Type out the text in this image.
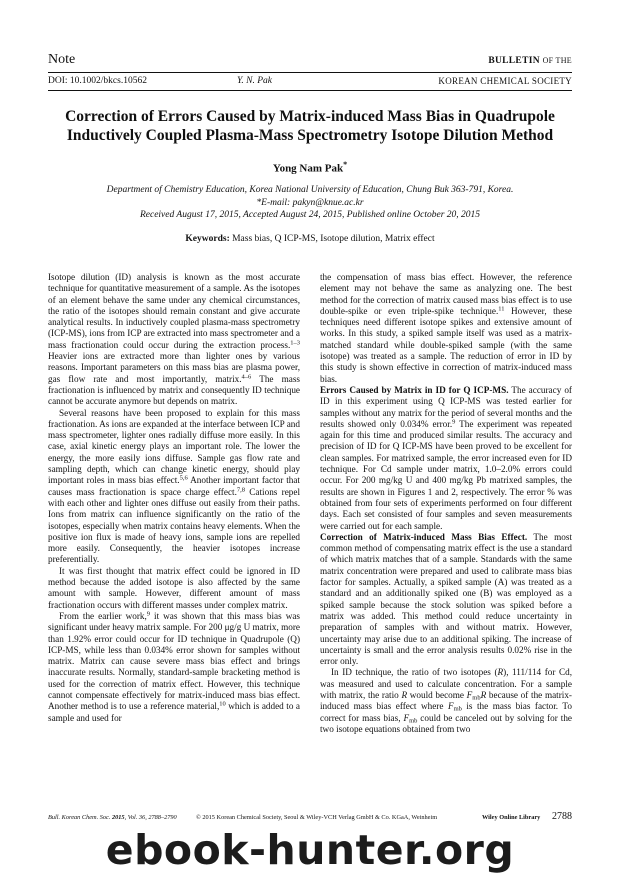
Note	BULLETIN OF THE
DOI: 10.1002/bkcs.10562	Y. N. Pak	KOREAN CHEMICAL SOCIETY
Correction of Errors Caused by Matrix-induced Mass Bias in Quadrupole
Inductively Coupled Plasma-Mass Spectrometry Isotope Dilution Method
Yong Nam Pak*
Department of Chemistry Education, Korea National University of Education, Chung Buk 363-791, Korea.
*E-mail: pakyn@knue.ac.kr
Received August 17, 2015, Accepted August 24, 2015, Published online October 20, 2015
Keywords: Mass bias, Q ICP-MS, Isotope dilution, Matrix effect

Isotope dilution (ID) analysis is known as the most accurate technique for quantitative measurement of a sample. As the isotopes of an element behave the same under any chemical circumstances, the ratio of the isotopes should remain constant and give accurate analytical results. In inductively coupled plasma-mass spectrometry (ICP-MS), ions from ICP are extracted into mass spectrometer and a mass fractionation could occur during the extraction process.$^{1-3}$ Heavier ions are extracted more than lighter ones by various reasons. Important parameters on this mass bias are plasma power, gas flow rate and most importantly, matrix.$^{4-6}$ The mass fractionation is influenced by matrix and consequently ID technique cannot be accurate anymore but depends on matrix.

Several reasons have been proposed to explain for this mass fractionation. As ions are expanded at the interface between ICP and mass spectrometer, lighter ones radially diffuse more easily. In this case, axial kinetic energy plays an important role. The lower the energy, the more easily ions diffuse. Sample gas flow rate and sampling depth, which can change kinetic energy, should play important roles in mass bias effect.$^{5,6}$ Another important factor that causes mass fractionation is space charge effect.$^{7,8}$ Cations repel with each other and lighter ones diffuse out easily from their paths. Ions from matrix can influence significantly on the ratio of the isotopes, especially when matrix contains heavy elements. When the positive ion flux is made of heavy ions, sample ions are repelled more easily. Consequently, the heavier isotopes increase preferentially.

It was first thought that matrix effect could be ignored in ID method because the added isotope is also affected by the same amount with sample. However, different amount of mass fractionation occurs with different masses under complex matrix.

From the earlier work,$^9$ it was shown that this mass bias was significant under heavy matrix sample. For 200 μg/g U matrix, more than 1.92% error could occur for ID technique in Quadrupole (Q) ICP-MS, while less than 0.034% error shown for samples without matrix. Matrix can cause severe mass bias effect and brings inaccurate results. Normally, standard-sample bracketing method is used for the correction of matrix effect. However, this technique cannot compensate effectively for matrix-induced mass bias effect. Another method is to use a reference material,$^{10}$ which is added to a sample and used for

the compensation of mass bias effect. However, the reference element may not behave the same as analyzing one. The best method for the correction of matrix caused mass bias effect is to use double-spike or even triple-spike technique.$^{11}$ However, these techniques need different isotope spikes and extensive amount of works. In this study, a spiked sample itself was used as a matrix-matched standard while double-spiked sample (with the same isotope) was treated as a sample. The reduction of error in ID by this study is shown effective in correction of matrix-induced mass bias.

Errors Caused by Matrix in ID for Q ICP-MS. The accuracy of ID in this experiment using Q ICP-MS was tested earlier for samples without any matrix for the period of several months and the results showed only 0.034% error.$^9$ The experiment was repeated again for this time and produced similar results. The accuracy and precision of ID for Q ICP-MS have been proved to be excellent for clean samples. For matrixed sample, the error increased even for ID technique. For Cd sample under matrix, 1.0–2.0% errors could occur. For 200 mg/kg U and 400 mg/kg Pb matrixed samples, the results are shown in Figures 1 and 2, respectively. The error % was obtained from four sets of experiments performed on four different days. Each set consisted of four samples and seven measurements were carried out for each sample.

Correction of Matrix-induced Mass Bias Effect. The most common method of compensating matrix effect is the use a standard of which matrix matches that of a sample. Standards with the same matrix concentration were prepared and used to calibrate mass bias factor for samples. Actually, a spiked sample (A) was treated as a standard and an additionally spiked one (B) was employed as a spiked sample because the stock solution was spiked before a matrix was added. This method could reduce uncertainty in preparation of samples with and without matrix. However, uncertainty may arise due to an additional spiking. The increase of uncertainty is small and the error analysis results 0.02% rise in the error only.

In ID technique, the ratio of two isotopes (R), 111/114 for Cd, was measured and used to calculate concentration. For a sample with matrix, the ratio R would become $F_{mb}R$ because of the matrix-induced mass bias effect where $F_{mb}$ is the mass bias factor. To correct for mass bias, $F_{mb}$ could be canceled out by solving for the two isotope equations obtained from two

Bull. Korean Chem. Soc. 2015, Vol. 36, 2788–2790	© 2015 Korean Chemical Society, Seoul & Wiley-VCH Verlag GmbH & Co. KGaA, Weinheim	Wiley Online Library 2788
ebook-hunter.org
